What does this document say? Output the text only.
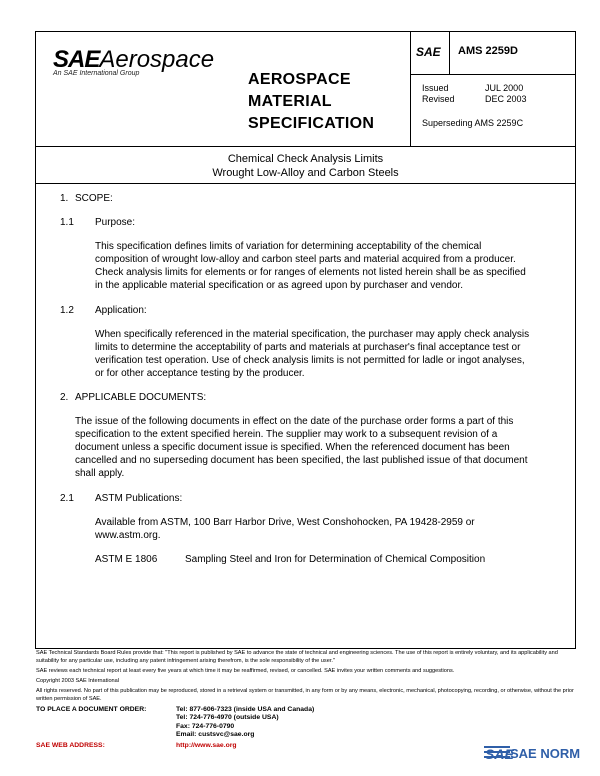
SAEAerospace
An SAE International Group	AEROSPACE
MATERIAL
SPECIFICATION
SAE AMS 2259D
Issued	JUL 2000
Revised	DEC 2003
Superseding AMS 2259C
Chemical Check Analysis Limits
Wrought Low-Alloy and Carbon Steels
1. SCOPE:
1.1 Purpose:
This specification defines limits of variation for determining acceptability of the chemical composition of wrought low-alloy and carbon steel parts and material acquired from a producer. Check analysis limits for elements or for ranges of elements not listed herein shall be as specified in the applicable material specification or as agreed upon by purchaser and vendor.
1.2 Application:
When specifically referenced in the material specification, the purchaser may apply check analysis limits to determine the acceptability of parts and materials at purchaser's final acceptance test or verification test operation. Use of check analysis limits is not permitted for ladle or ingot analyses, or for other acceptance testing by the producer.
2. APPLICABLE DOCUMENTS:
The issue of the following documents in effect on the date of the purchase order forms a part of this specification to the extent specified herein. The supplier may work to a subsequent revision of a document unless a specific document issue is specified. When the referenced document has been cancelled and no superseding document has been specified, the last published issue of that document shall apply.
2.1 ASTM Publications:
Available from ASTM, 100 Barr Harbor Drive, West Conshohocken, PA 19428-2959 or www.astm.org.
ASTM E 1806	Sampling Steel and Iron for Determination of Chemical Composition
SAE Technical Standards Board Rules provide that: "This report is published by SAE to advance the state of technical and engineering sciences. The use of this report is entirely voluntary, and its applicability and suitability for any particular use, including any patent infringement arising therefrom, is the sole responsibility of the user."
SAE reviews each technical report at least every five years at which time it may be reaffirmed, revised, or cancelled. SAE invites your written comments and suggestions.
Copyright 2003 SAE International
All rights reserved. No part of this publication may be reproduced, stored in a retrieval system or transmitted, in any form or by any means, electronic, mechanical, photocopying, recording, or otherwise, without the prior written permission of SAE.
TO PLACE A DOCUMENT ORDER:	Tel: 877-606-7323 (inside USA and Canada)
Tel: 724-776-4970 (outside USA)
Fax: 724-776-0790
Email: custsvc@sae.org
SAE WEB ADDRESS:	http://www.sae.org
SAE
SAE NORM
